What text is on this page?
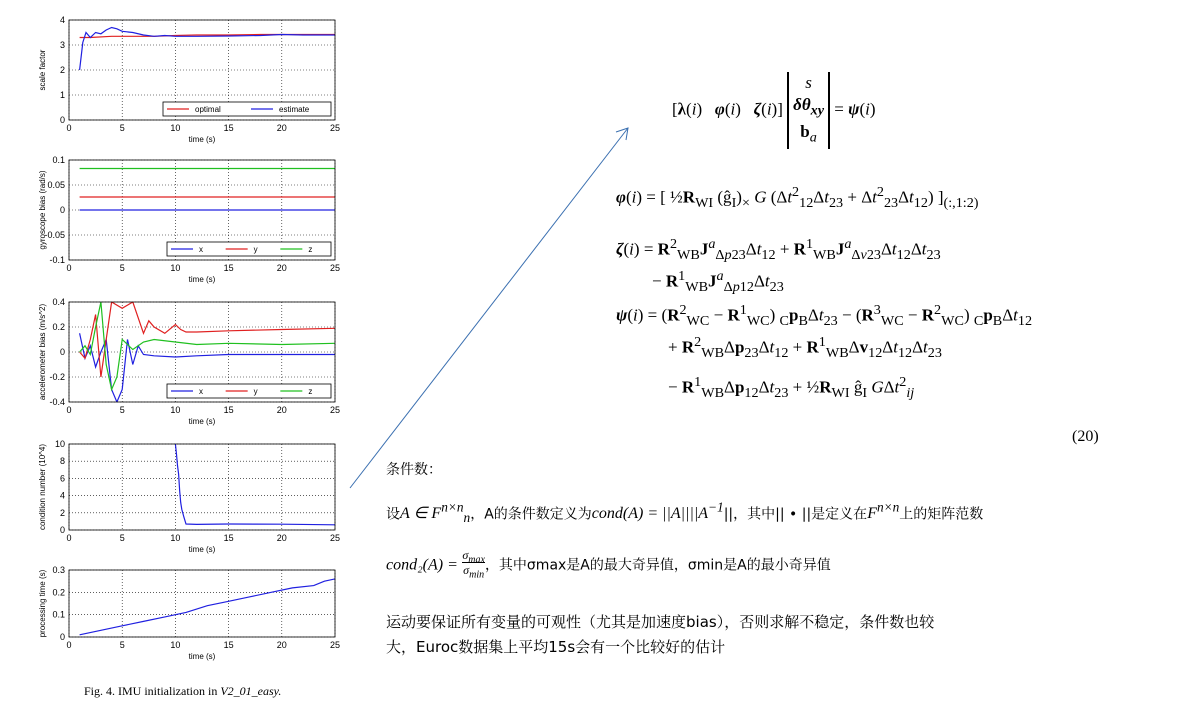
0	5	10	15	20	25
0
1
2
3
4
time (s)
scale factor
optimal	estimate
0	5	10	15	20	25
-0.1
-0.05
0
0.05
0.1
time (s)
gyroscope bias (rad/s)	x	y	z
0	5	10	15	20	25
-0.4
-0.2
0
0.2
0.4
time (s)
accelerometer bias (m/s^2)	x	y	z
0	5	10	15	20	25
0
2
4
6
8
10
time (s)
condition number (10^4)
0	5	10	15	20	25
0
0.1
0.2
0.3
time (s)
processing time (s)
Fig. 4. IMU initialization in V2_01_easy.
[λ(i)   φ(i)   ζ(i)] s
$\delta\theta_{xy}$
$b_a = \psi(i)$
φ(i) = [ $\frac{1}{2}R_{WI}$ $(ĝ_I)_\times$ G $(\Delta t^2_{12}\Delta t_{23} + \Delta t^2_{23}\Delta t_{12})$ ]$_{(:,1:2)}$
$\zeta(i) = R^2_{WB}J^a_{\Delta p23}\Delta t_{12} + R^1_{WB}J^a_{\Delta v23}\Delta t_{12}\Delta t_{23}$
− $R^1_{WB}J^a_{\Delta p12}\Delta t_{23}$
$\psi(i) = (R^2_{WC} - R^1_{WC}) _Cp_B\Delta t_{23} - (R^3_{WC} - R^2_{WC})$ $_Cp_B\Delta t_{12}$
+ $R^2_{WB}\Delta p_{23}\Delta t_{12} + R^1_{WB}\Delta v_{12}\Delta t_{12}\Delta t_{23}$
− $R^1_{WB}\Delta p_{12}\Delta t_{23}$ + $\frac{1}{2}R_{WI}$ $ĝ_I$ GΔt$^2_{ij}$
(20)
条件数：
设A ∈ $F^{n\times n}_n$，A的条件数定义为cond(A) = $||A||||A^{-1}||$，其中|| • ||是定义在$F^{n\times n}$上的矩阵范数
cond₂(A) = $\sigma_{max}$
$\sigma_{min}$，其中σmax是A的最大奇异值，σmin是A的最小奇异值
运动要保证所有变量的可观性（尤其是加速度bias），否则求解不稳定，条件数也较
大，Euroc数据集上平均15s会有一个比较好的估计
